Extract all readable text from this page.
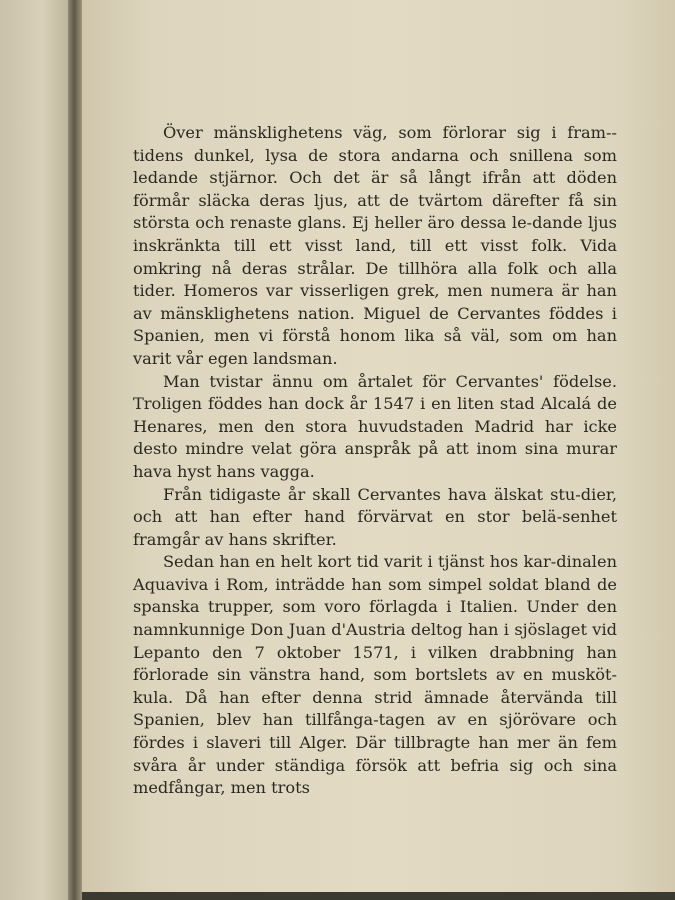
Över mänsklighetens väg, som förlorar sig i fram-tidens dunkel, lysa de stora andarna och snillena som ledande stjärnor. Och det är så långt ifrån att döden förmår släcka deras ljus, att de tvärtom därefter få sin största och renaste glans. Ej heller äro dessa le-dande ljus inskränkta till ett visst land, till ett visst folk. Vida omkring nå deras strålar. De tillhöra alla folk och alla tider. Homeros var visserligen grek, men numera är han av mänsklighetens nation. Miguel de Cervantes föddes i Spanien, men vi förstå honom lika så väl, som om han varit vår egen landsman.

Man tvistar ännu om årtalet för Cervantes' födelse. Troligen föddes han dock år 1547 i en liten stad Alcalá de Henares, men den stora huvudstaden Madrid har icke desto mindre velat göra anspråk på att inom sina murar hava hyst hans vagga.

Från tidigaste år skall Cervantes hava älskat stu-dier, och att han efter hand förvärvat en stor belä-senhet framgår av hans skrifter.

Sedan han en helt kort tid varit i tjänst hos kar-dinalen Aquaviva i Rom, inträdde han som simpel soldat bland de spanska trupper, som voro förlagda i Italien. Under den namnkunnige Don Juan d'Austria deltog han i sjöslaget vid Lepanto den 7 oktober 1571, i vilken drabbning han förlorade sin vänstra hand, som bortslets av en muskötkula. Då han efter denna strid ämnade återvända till Spanien, blev han tillfånga-tagen av en sjörövare och fördes i slaveri till Alger. Där tillbragte han mer än fem svåra år under ständiga försök att befria sig och sina medfångar, men trots
